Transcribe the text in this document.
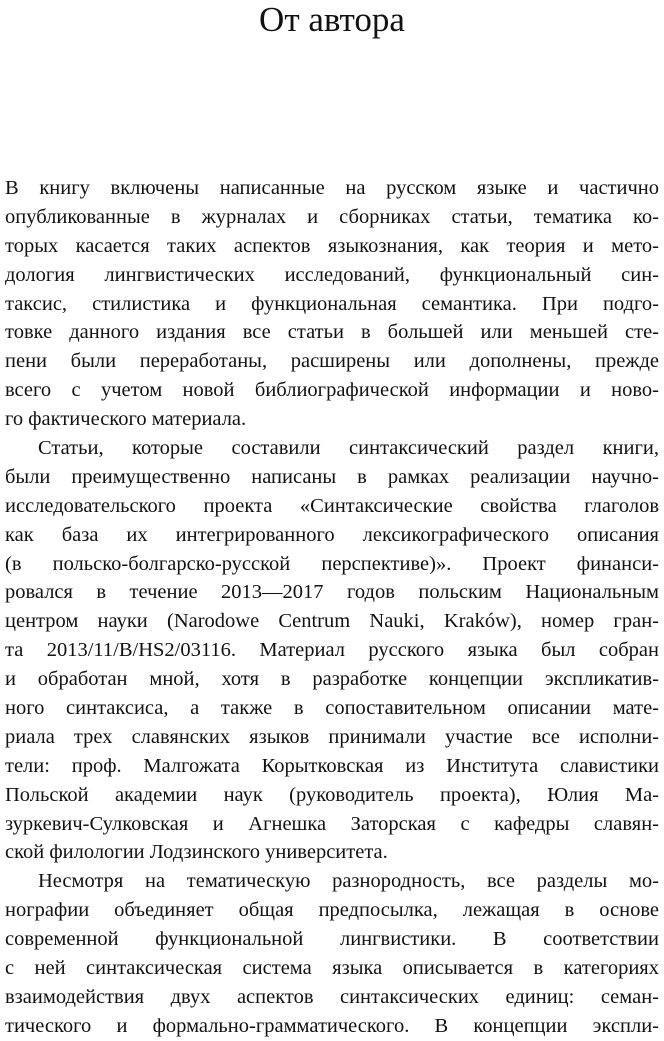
От автора
В книгу включены написанные на русском языке и частично
опубликованные в журналах и сборниках статьи, тематика ко-
торых касается таких аспектов языкознания, как теория и мето-
дология лингвистических исследований, функциональный син-
таксис, стилистика и функциональная семантика. При подго-
товке данного издания все статьи в большей или меньшей сте-
пени были переработаны, расширены или дополнены, прежде
всего с учетом новой библиографической информации и ново-
го фактического материала.
Статьи, которые составили синтаксический раздел книги,
были преимущественно написаны в рамках реализации научно-
исследовательского проекта «Синтаксические свойства глаголов
как база их интегрированного лексикографического описания
(в польско-болгарско-русской перспективе)». Проект финанси-
ровался в течение 2013—2017 годов польским Национальным
центром науки (Narodowe Centrum Nauki, Kraków), номер гран-
та 2013/11/B/HS2/03116. Материал русского языка был собран
и обработан мной, хотя в разработке концепции экспликатив-
ного синтаксиса, а также в сопоставительном описании мате-
риала трех славянских языков принимали участие все исполни-
тели: проф. Малгожата Корытковская из Института славистики
Польской академии наук (руководитель проекта), Юлия Ма-
зуркевич-Сулковская и Агнешка Заторская с кафедры славян-
ской филологии Лодзинского университета.
Несмотря на тематическую разнородность, все разделы мо-
нографии объединяет общая предпосылка, лежащая в основе
современной функциональной лингвистики. В соответствии
с ней синтаксическая система языка описывается в категориях
взаимодействия двух аспектов синтаксических единиц: семан-
тического и формально-грамматического. В концепции экспли-
